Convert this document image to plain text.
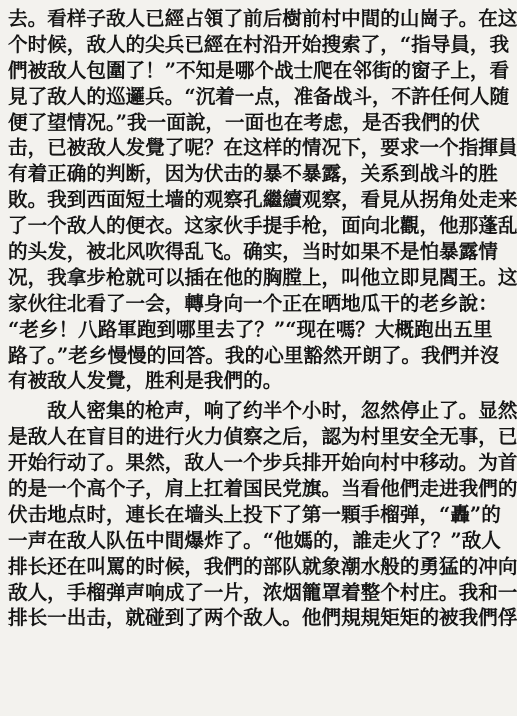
去。看样子敌人已經占領了前后樹前村中間的山崗子。在这
个时候，敌人的尖兵已經在村沿开始搜索了，“指导員，我
們被敌人包圍了！”不知是哪个战士爬在邻街的窗子上，看
見了敌人的巡邏兵。“沉着一点，准备战斗，不許任何人随
便了望情况。”我一面說，一面也在考虑，是否我們的伏
击，已被敌人发覺了呢？在这样的情况下，要求一个指揮員
有着正确的判断，因为伏击的暴不暴露，关系到战斗的胜
敗。我到西面短土墙的观察孔繼續观察，看見从拐角处走来
了一个敌人的便衣。这家伙手提手枪，面向北觀，他那蓬乱
的头发，被北风吹得乱飞。确实，当时如果不是怕暴露情
况，我拿步枪就可以插在他的胸膛上，叫他立即見閻王。这
家伙往北看了一会，轉身向一个正在晒地瓜干的老乡說：
“老乡！八路軍跑到哪里去了？”“现在嗎？大概跑出五里
路了。”老乡慢慢的回答。我的心里豁然开朗了。我們并沒
有被敌人发覺，胜利是我們的。
　　敌人密集的枪声，响了约半个小时，忽然停止了。显然
是敌人在盲目的进行火力偵察之后，認为村里安全无事，已
开始行动了。果然，敌人一个步兵排开始向村中移动。为首
的是一个高个子，肩上扛着国民党旗。当看他們走进我們的
伏击地点时，連长在墙头上投下了第一顆手榴弹，“轟”的
一声在敌人队伍中間爆炸了。“他媽的，誰走火了？”敌人
排长还在叫罵的时候，我們的部队就象潮水般的勇猛的冲向
敌人，手榴弹声响成了一片，浓烟籠罩着整个村庄。我和一
排长一出击，就碰到了两个敌人。他們規規矩矩的被我們俘
